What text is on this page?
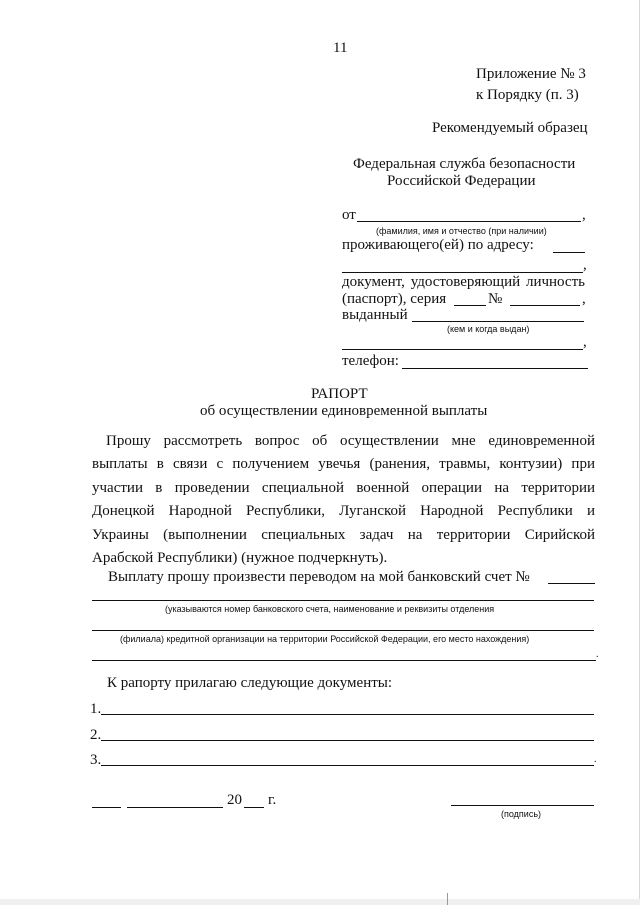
11
Приложение № 3
к Порядку (п. 3)
Рекомендуемый образец
Федеральная служба безопасности
Российской Федерации
от	,
(фамилия, имя и отчество (при наличии)
проживающего(ей) по адресу:
,
документ, удостоверяющий личность
(паспорт), серия	№	,
выданный
(кем и когда выдан)
,
телефон:
РАПОРТ
об осуществлении единовременной выплаты
Прошу рассмотреть вопрос об осуществлении мне единовременной
выплаты в связи с получением увечья (ранения, травмы, контузии) при
участии в проведении специальной военной операции на территории
Донецкой Народной Республики, Луганской Народной Республики и
Украины (выполнении специальных задач на территории Сирийской
Арабской Республики) (нужное подчеркнуть).
Выплату прошу произвести переводом на мой банковский счет №
(указываются номер банковского счета, наименование и реквизиты отделения
(филиала) кредитной организации на территории Российской Федерации, его место нахождения)
.
К рапорту прилагаю следующие документы:
1.
2.
3.	.
20 г.
(подпись)
